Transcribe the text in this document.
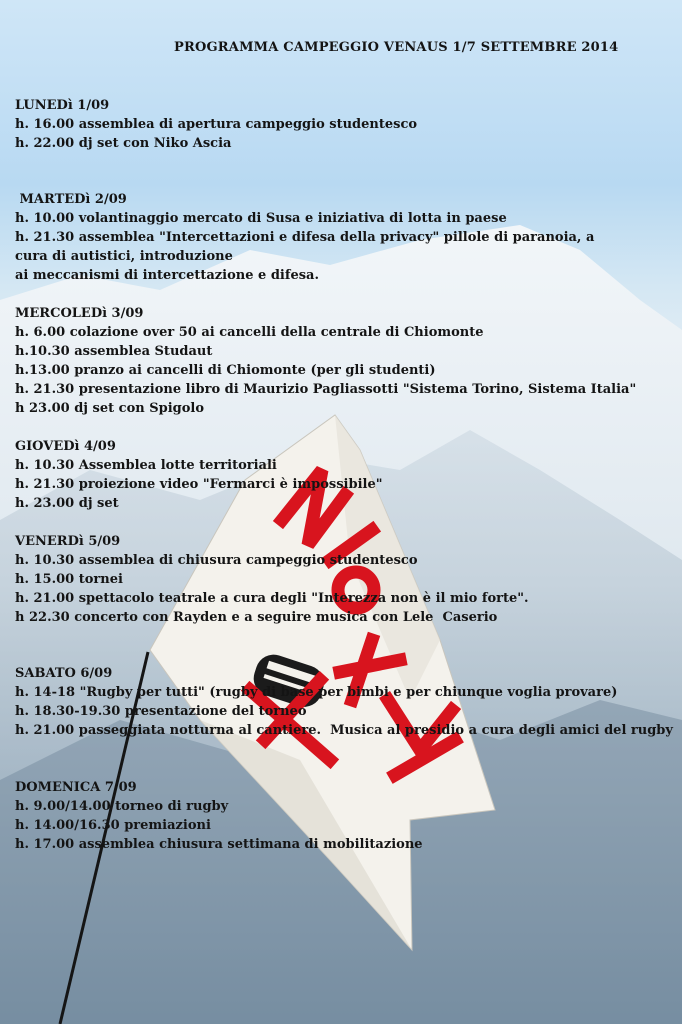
PROGRAMMA CAMPEGGIO VENAUS 1/7 SETTEMBRE 2014

LUNEDì 1/09

h. 16.00 assemblea di apertura campeggio studentesco

h. 22.00 dj set con Niko Ascia

MARTEDì 2/09

h. 10.00 volantinaggio mercato di Susa e iniziativa di lotta in paese

h. 21.30 assemblea "Intercettazioni e difesa della privacy" pillole di paranoia, a cura di autistici, introduzione

ai meccanismi di intercettazione e difesa.

MERCOLEDì 3/09

h. 6.00 colazione over 50 ai cancelli della centrale di Chiomonte

h.10.30 assemblea Studaut

h.13.00 pranzo ai cancelli di Chiomonte (per gli studenti)

h. 21.30 presentazione libro di Maurizio Pagliassotti "Sistema Torino, Sistema Italia"

h 23.00 dj set con Spigolo

GIOVEDì 4/09

h. 10.30 Assemblea lotte territoriali

h. 21.30 proiezione video "Fermarci è impossibile"

h. 23.00 dj set

VENERDì 5/09

h. 10.30 assemblea di chiusura campeggio studentesco

h. 15.00 tornei

h. 21.00 spettacolo teatrale a cura degli "Interezza non è il mio forte".

h 22.30 concerto con Rayden e a seguire musica con Lele  Caserio

SABATO 6/09

h. 14-18 "Rugby per tutti" (rugby di base per bimbi e per chiunque voglia provare)

h. 18.30-19.30 presentazione del torneo

h. 21.00 passeggiata notturna al cantiere.  Musica al presidio a cura degli amici del rugby

DOMENICA 7/09

h. 9.00/14.00 torneo di rugby

h. 14.00/16.30 premiazioni

h. 17.00 assemblea chiusura settimana di mobilitazione
